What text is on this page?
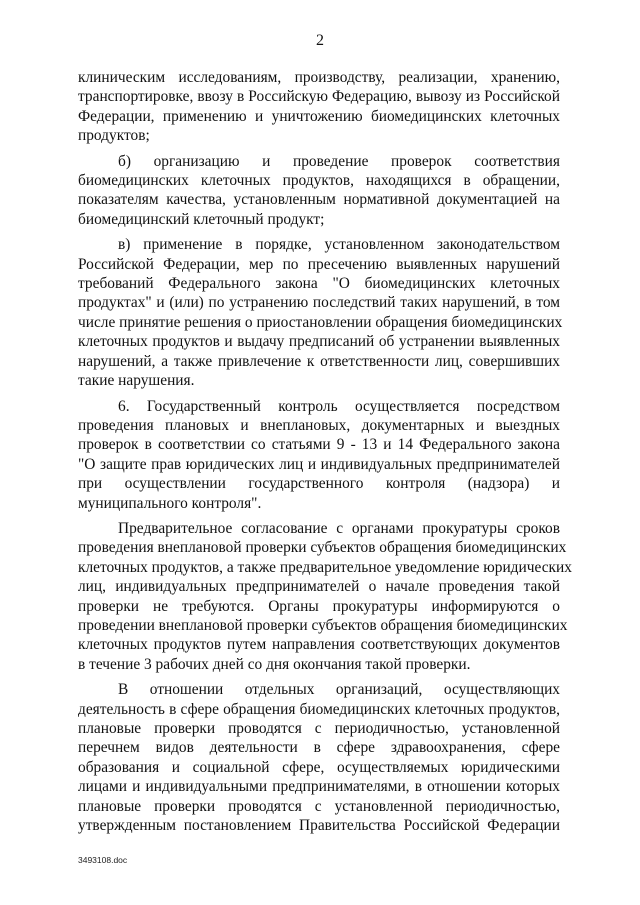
2

клиническим исследованиям, производству, реализации, хранению,
транспортировке, ввозу в Российскую Федерацию, вывозу из Российской
Федерации, применению и уничтожению биомедицинских клеточных
продуктов;

б) организацию и проведение проверок соответствия
биомедицинских клеточных продуктов, находящихся в обращении,
показателям качества, установленным нормативной документацией на
биомедицинский клеточный продукт;

в) применение в порядке, установленном законодательством
Российской Федерации, мер по пресечению выявленных нарушений
требований Федерального закона "О биомедицинских клеточных
продуктах" и (или) по устранению последствий таких нарушений, в том
числе принятие решения о приостановлении обращения биомедицинских
клеточных продуктов и выдачу предписаний об устранении выявленных
нарушений, а также привлечение к ответственности лиц, совершивших
такие нарушения.

6. Государственный контроль осуществляется посредством
проведения плановых и внеплановых, документарных и выездных
проверок в соответствии со статьями 9 - 13 и 14 Федерального закона
"О защите прав юридических лиц и индивидуальных предпринимателей
при осуществлении государственного контроля (надзора) и
муниципального контроля".

Предварительное согласование с органами прокуратуры сроков
проведения внеплановой проверки субъектов обращения биомедицинских
клеточных продуктов, а также предварительное уведомление юридических
лиц, индивидуальных предпринимателей о начале проведения такой
проверки не требуются. Органы прокуратуры информируются о
проведении внеплановой проверки субъектов обращения биомедицинских
клеточных продуктов путем направления соответствующих документов
в течение 3 рабочих дней со дня окончания такой проверки.

В отношении отдельных организаций, осуществляющих
деятельность в сфере обращения биомедицинских клеточных продуктов,
плановые проверки проводятся с периодичностью, установленной
перечнем видов деятельности в сфере здравоохранения, сфере
образования и социальной сфере, осуществляемых юридическими
лицами и индивидуальными предпринимателями, в отношении которых
плановые проверки проводятся с установленной периодичностью,
утвержденным постановлением Правительства Российской Федерации

3493108.doc
